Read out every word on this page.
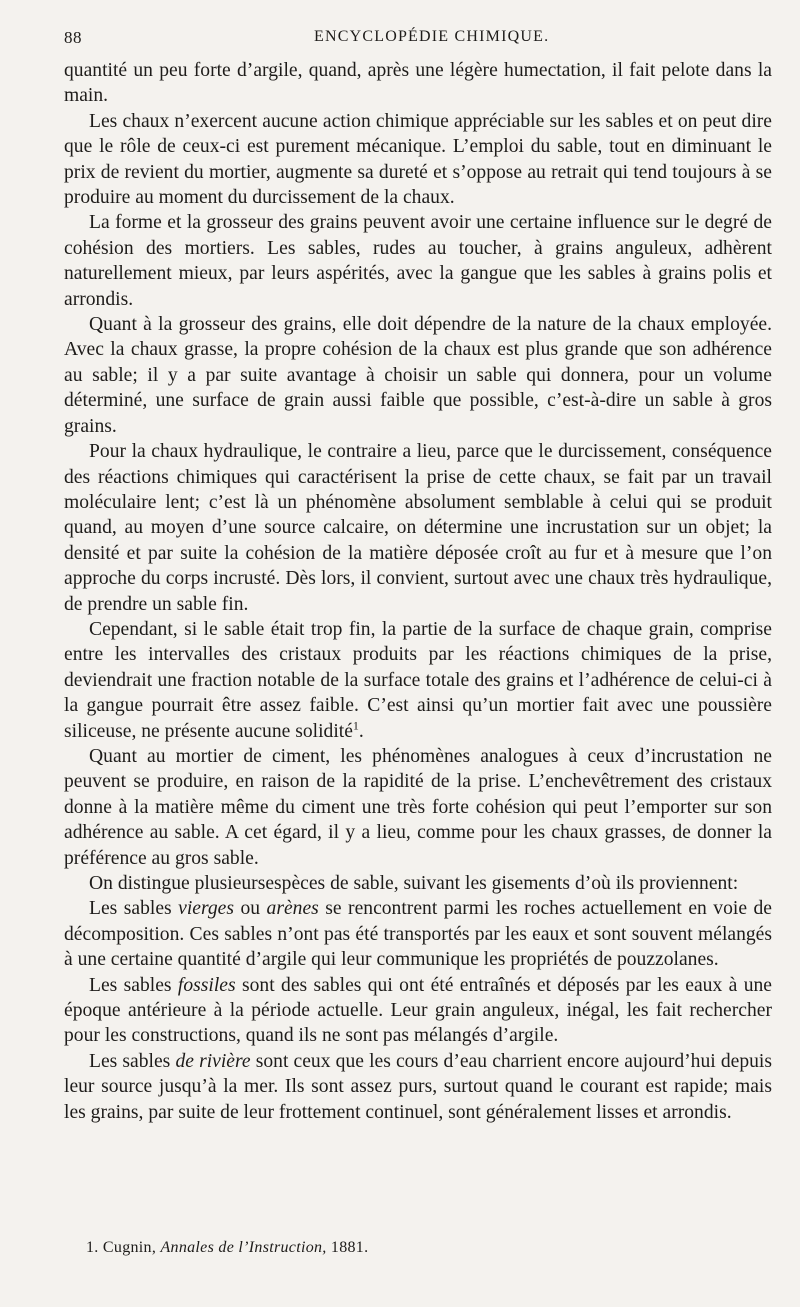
88	ENCYCLOPÉDIE CHIMIQUE.

quantité un peu forte d’argile, quand, après une légère humectation, il fait pelote dans la main.

Les chaux n’exercent aucune action chimique appréciable sur les sables et on peut dire que le rôle de ceux-ci est purement mécanique. L’emploi du sable, tout en diminuant le prix de revient du mortier, augmente sa dureté et s’oppose au retrait qui tend toujours à se produire au moment du durcissement de la chaux.

La forme et la grosseur des grains peuvent avoir une certaine influence sur le degré de cohésion des mortiers. Les sables, rudes au toucher, à grains anguleux, adhèrent naturellement mieux, par leurs aspérités, avec la gangue que les sables à grains polis et arrondis.

Quant à la grosseur des grains, elle doit dépendre de la nature de la chaux employée. Avec la chaux grasse, la propre cohésion de la chaux est plus grande que son adhérence au sable; il y a par suite avantage à choisir un sable qui donnera, pour un volume déterminé, une surface de grain aussi faible que possible, c’est-à-dire un sable à gros grains.

Pour la chaux hydraulique, le contraire a lieu, parce que le durcissement, conséquence des réactions chimiques qui caractérisent la prise de cette chaux, se fait par un travail moléculaire lent; c’est là un phénomène absolument semblable à celui qui se produit quand, au moyen d’une source calcaire, on détermine une incrustation sur un objet; la densité et par suite la cohésion de la matière déposée croît au fur et à mesure que l’on approche du corps incrusté. Dès lors, il convient, surtout avec une chaux très hydraulique, de prendre un sable fin.

Cependant, si le sable était trop fin, la partie de la surface de chaque grain, comprise entre les intervalles des cristaux produits par les réactions chimiques de la prise, deviendrait une fraction notable de la surface totale des grains et l’adhérence de celui-ci à la gangue pourrait être assez faible. C’est ainsi qu’un mortier fait avec une poussière siliceuse, ne présente aucune solidité$^1$.

Quant au mortier de ciment, les phénomènes analogues à ceux d’incrustation ne peuvent se produire, en raison de la rapidité de la prise. L’enchevêtrement des cristaux donne à la matière même du ciment une très forte cohésion qui peut l’emporter sur son adhérence au sable. A cet égard, il y a lieu, comme pour les chaux grasses, de donner la préférence au gros sable.

On distingue plusieursespèces de sable, suivant les gisements d’où ils proviennent:

Les sables vierges ou arènes se rencontrent parmi les roches actuellement en voie de décomposition. Ces sables n’ont pas été transportés par les eaux et sont souvent mélangés à une certaine quantité d’argile qui leur communique les propriétés de pouzzolanes.

Les sables fossiles sont des sables qui ont été entraînés et déposés par les eaux à une époque antérieure à la période actuelle. Leur grain anguleux, inégal, les fait rechercher pour les constructions, quand ils ne sont pas mélangés d’argile.

Les sables de rivière sont ceux que les cours d’eau charrient encore aujourd’hui depuis leur source jusqu’à la mer. Ils sont assez purs, surtout quand le courant est rapide; mais les grains, par suite de leur frottement continuel, sont généralement lisses et arrondis.

1. Cugnin, Annales de l’Instruction, 1881.
